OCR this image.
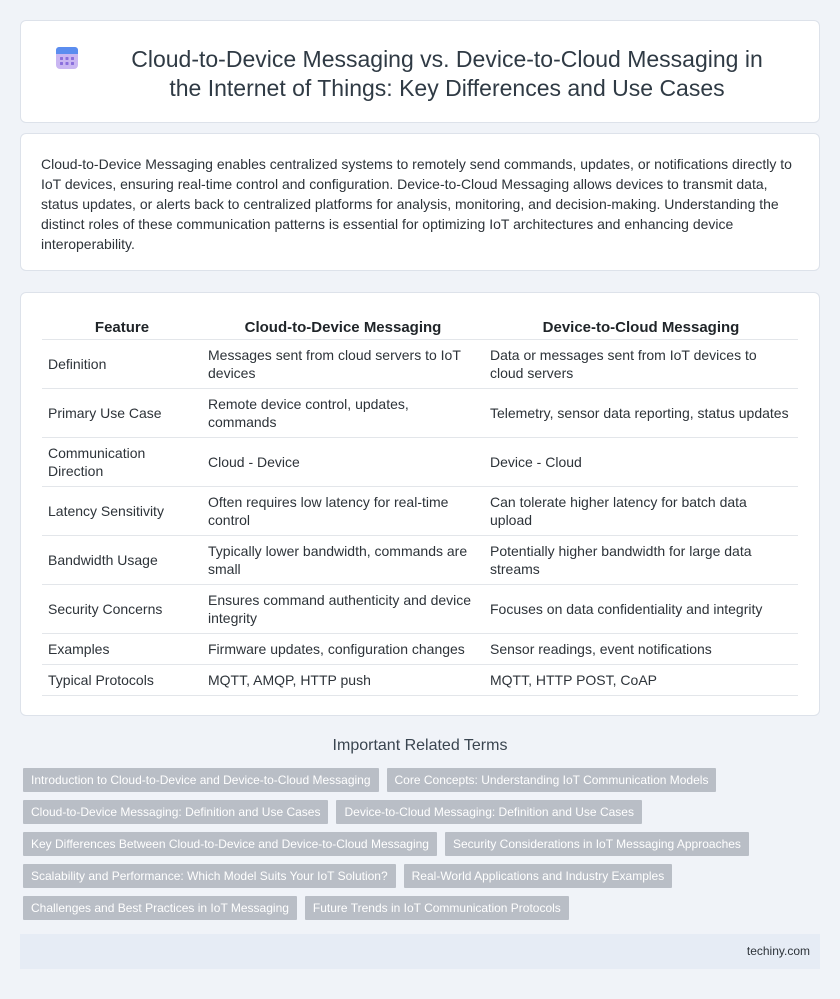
Cloud-to-Device Messaging vs. Device-to-Cloud Messaging in the Internet of Things: Key Differences and Use Cases

Cloud-to-Device Messaging enables centralized systems to remotely send commands, updates, or notifications directly to IoT devices, ensuring real-time control and configuration. Device-to-Cloud Messaging allows devices to transmit data, status updates, or alerts back to centralized platforms for analysis, monitoring, and decision-making. Understanding the distinct roles of these communication patterns is essential for optimizing IoT architectures and enhancing device interoperability.

Feature	Cloud-to-Device Messaging	Device-to-Cloud Messaging
Definition	Messages sent from cloud servers to IoT devices	Data or messages sent from IoT devices to cloud servers
Primary Use Case	Remote device control, updates, commands	Telemetry, sensor data reporting, status updates
Communication Direction	Cloud - Device	Device - Cloud
Latency Sensitivity	Often requires low latency for real-time control	Can tolerate higher latency for batch data upload
Bandwidth Usage	Typically lower bandwidth, commands are small	Potentially higher bandwidth for large data streams
Security Concerns	Ensures command authenticity and device integrity	Focuses on data confidentiality and integrity
Examples	Firmware updates, configuration changes	Sensor readings, event notifications
Typical Protocols	MQTT, AMQP, HTTP push	MQTT, HTTP POST, CoAP
Important Related Terms
Introduction to Cloud-to-Device and Device-to-Cloud Messaging	Core Concepts: Understanding IoT Communication Models
Cloud-to-Device Messaging: Definition and Use Cases	Device-to-Cloud Messaging: Definition and Use Cases
Key Differences Between Cloud-to-Device and Device-to-Cloud Messaging	Security Considerations in IoT Messaging Approaches
Scalability and Performance: Which Model Suits Your IoT Solution?	Real-World Applications and Industry Examples
Challenges and Best Practices in IoT Messaging	Future Trends in IoT Communication Protocols
techiny.com
